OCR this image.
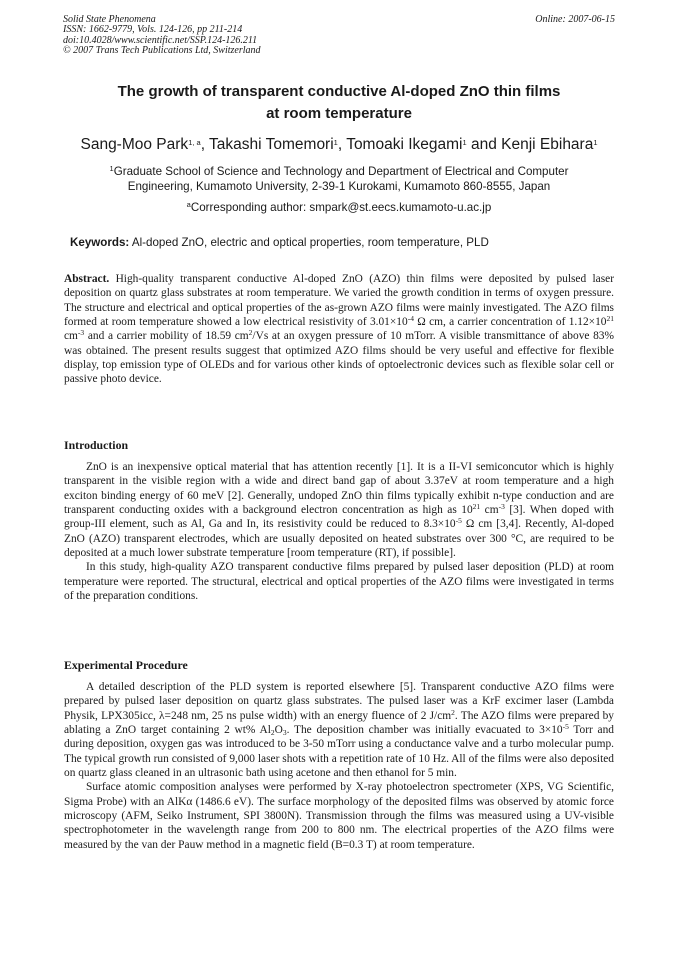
Solid State Phenomena
ISSN: 1662-9779, Vols. 124-126, pp 211-214
doi:10.4028/www.scientific.net/SSP.124-126.211
© 2007 Trans Tech Publications Ltd, Switzerland
Online: 2007-06-15
The growth of transparent conductive Al-doped ZnO thin films
at room temperature
Sang-Moo Park$^{1, a}$, Takashi Tomemori$^1$, Tomoaki Ikegami$^1$ and Kenji Ebihara$^1$
$^1$Graduate School of Science and Technology and Department of Electrical and Computer
Engineering, Kumamoto University, 2-39-1 Kurokami, Kumamoto 860-8555, Japan
$^a$Corresponding author: smpark@st.eecs.kumamoto-u.ac.jp
Keywords: Al-doped ZnO, electric and optical properties, room temperature, PLD

Abstract. High-quality transparent conductive Al-doped ZnO (AZO) thin films were deposited by pulsed laser deposition on quartz glass substrates at room temperature. We varied the growth condition in terms of oxygen pressure. The structure and electrical and optical properties of the as-grown AZO films were mainly investigated. The AZO films formed at room temperature showed a low electrical resistivity of $3.01\times 10^{-4}$ Ω cm, a carrier concentration of $1.12\times 10^{21}$ $cm^{-3}$ and a carrier mobility of 18.59 $cm^2/Vs$ at an oxygen pressure of 10 mTorr. A visible transmittance of above 83% was obtained. The present results suggest that optimized AZO films should be very useful and effective for flexible display, top emission type of OLEDs and for various other kinds of optoelectronic devices such as flexible solar cell or passive photo device.

Introduction

ZnO is an inexpensive optical material that has attention recently [1]. It is a II-VI semiconcutor which is highly transparent in the visible region with a wide and direct band gap of about 3.37eV at room temperature and a high exciton binding energy of 60 meV [2]. Generally, undoped ZnO thin films typically exhibit n-type conduction and are transparent conducting oxides with a background electron concentration as high as $10^{21}$ $cm^{-3}$ [3]. When doped with group-III element, such as Al, Ga and In, its resistivity could be reduced to $8.3\times 10^{-5}$ Ω cm [3,4]. Recently, Al-doped ZnO (AZO) transparent electrodes, which are usually deposited on heated substrates over 300 °C, are required to be deposited at a much lower substrate temperature [room temperature (RT), if possible].

In this study, high-quality AZO transparent conductive films prepared by pulsed laser deposition (PLD) at room temperature were reported. The structural, electrical and optical properties of the AZO films were investigated in terms of the preparation conditions.

Experimental Procedure

A detailed description of the PLD system is reported elsewhere [5]. Transparent conductive AZO films were prepared by pulsed laser deposition on quartz glass substrates. The pulsed laser was a KrF excimer laser (Lambda Physik, LPX305icc, λ=248 nm, 25 ns pulse width) with an energy fluence of 2 $J/cm^2$. The AZO films were prepared by ablating a ZnO target containing 2 wt% $Al_2O_3$. The deposition chamber was initially evacuated to $3\times 10^{-5}$ Torr and during deposition, oxygen gas was introduced to be 3-50 mTorr using a conductance valve and a turbo molecular pump. The typical growth run consisted of 9,000 laser shots with a repetition rate of 10 Hz. All of the films were also deposited on quartz glass cleaned in an ultrasonic bath using acetone and then ethanol for 5 min.

Surface atomic composition analyses were performed by X-ray photoelectron spectrometer (XPS, VG Scientific, Sigma Probe) with an AlKα (1486.6 eV). The surface morphology of the deposited films was observed by atomic force microscopy (AFM, Seiko Instrument, SPI 3800N). Transmission through the films was measured using a UV-visible spectrophotometer in the wavelength range from 200 to 800 nm. The electrical properties of the AZO films were measured by the van der Pauw method in a magnetic field (B=0.3 T) at room temperature.
